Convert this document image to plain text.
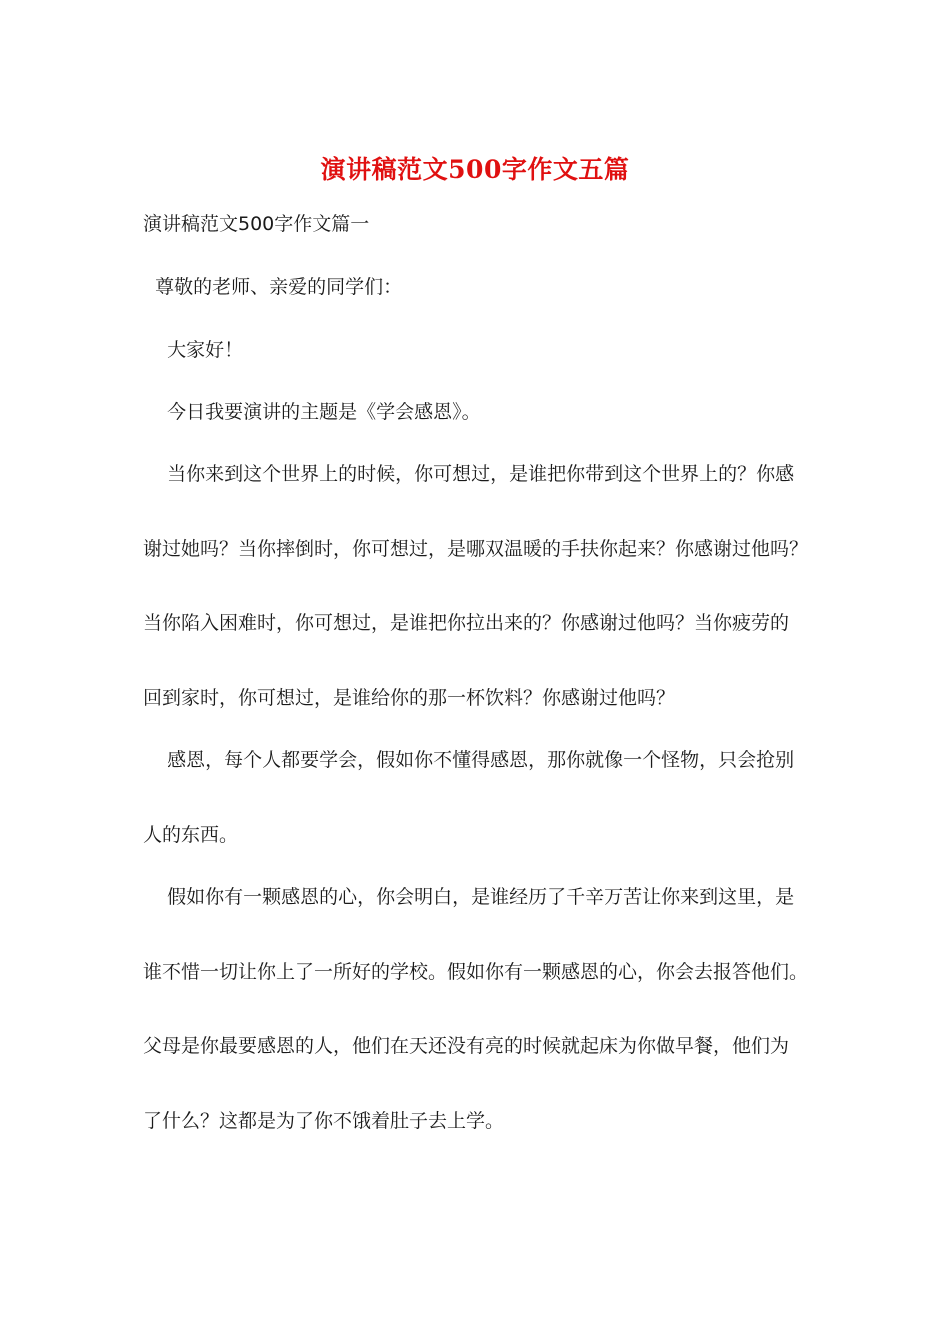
演讲稿范文500字作文五篇
演讲稿范文500字作文篇一
尊敬的老师、亲爱的同学们：
大家好！
今日我要演讲的主题是《学会感恩》。
当你来到这个世界上的时候，你可想过，是谁把你带到这个世界上的？你感
谢过她吗？当你摔倒时，你可想过，是哪双温暖的手扶你起来？你感谢过他吗？
当你陷入困难时，你可想过，是谁把你拉出来的？你感谢过他吗？当你疲劳的
回到家时，你可想过，是谁给你的那一杯饮料？你感谢过他吗？
感恩，每个人都要学会，假如你不懂得感恩，那你就像一个怪物，只会抢别
人的东西。
假如你有一颗感恩的心，你会明白，是谁经历了千辛万苦让你来到这里，是
谁不惜一切让你上了一所好的学校。假如你有一颗感恩的心，你会去报答他们。
父母是你最要感恩的人，他们在天还没有亮的时候就起床为你做早餐，他们为
了什么？这都是为了你不饿着肚子去上学。
